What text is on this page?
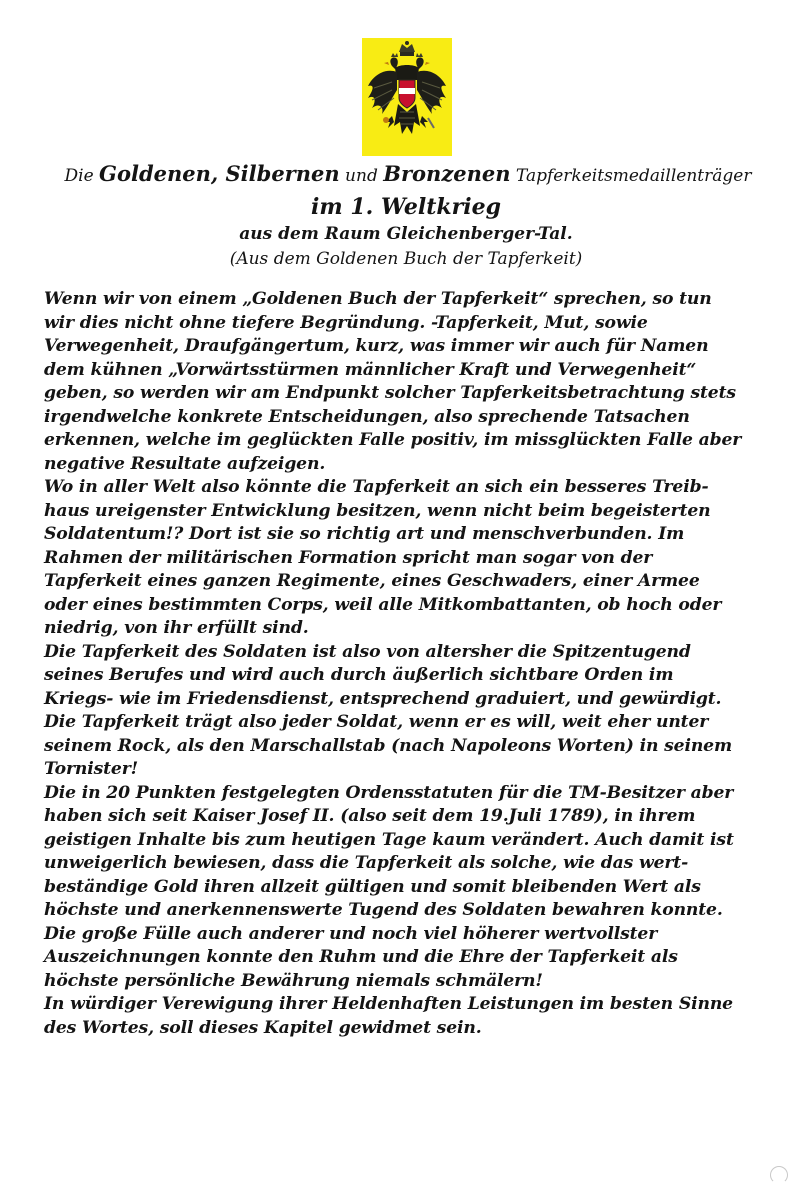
Die Goldenen, Silbernen und Bronzenen Tapferkeitsmedaillenträger
im 1. Weltkrieg
aus dem Raum Gleichenberger-Tal.
(Aus dem Goldenen Buch der Tapferkeit)
Wenn wir von einem „Goldenen Buch der Tapferkeit“ sprechen, so tun
wir dies nicht ohne tiefere Begründung. -Tapferkeit, Mut, sowie
Verwegenheit, Draufgängertum, kurz, was immer wir auch für Namen
dem kühnen „Vorwärtsstürmen männlicher Kraft und Verwegenheit“
geben, so werden wir am Endpunkt solcher Tapferkeitsbetrachtung stets
irgendwelche konkrete Entscheidungen, also sprechende Tatsachen
erkennen, welche im geglückten Falle positiv, im missglückten Falle aber
negative Resultate aufzeigen.
Wo in aller Welt also könnte die Tapferkeit an sich ein besseres Treib-
haus ureigenster Entwicklung besitzen, wenn nicht beim begeisterten
Soldatentum!? Dort ist sie so richtig art und menschverbunden. Im
Rahmen der militärischen Formation spricht man sogar von der
Tapferkeit eines ganzen Regimente, eines Geschwaders, einer Armee
oder eines bestimmten Corps, weil alle Mitkombattanten, ob hoch oder
niedrig, von ihr erfüllt sind.
Die Tapferkeit des Soldaten ist also von altersher die Spitzentugend
seines Berufes und wird auch durch äußerlich sichtbare Orden im
Kriegs- wie im Friedensdienst, entsprechend graduiert, und gewürdigt.
Die Tapferkeit trägt also jeder Soldat, wenn er es will, weit eher unter
seinem Rock, als den Marschallstab (nach Napoleons Worten) in seinem
Tornister!
Die in 20 Punkten festgelegten Ordensstatuten für die TM-Besitzer aber
haben sich seit Kaiser Josef II. (also seit dem 19.Juli 1789), in ihrem
geistigen Inhalte bis zum heutigen Tage kaum verändert. Auch damit ist
unweigerlich bewiesen, dass die Tapferkeit als solche, wie das wert-
beständige Gold ihren allzeit gültigen und somit bleibenden Wert als
höchste und anerkennenswerte Tugend des Soldaten bewahren konnte.
Die große Fülle auch anderer und noch viel höherer wertvollster
Auszeichnungen konnte den Ruhm und die Ehre der Tapferkeit als
höchste persönliche Bewährung niemals schmälern!
In würdiger Verewigung ihrer Heldenhaften Leistungen im besten Sinne
des Wortes, soll dieses Kapitel gewidmet sein.
